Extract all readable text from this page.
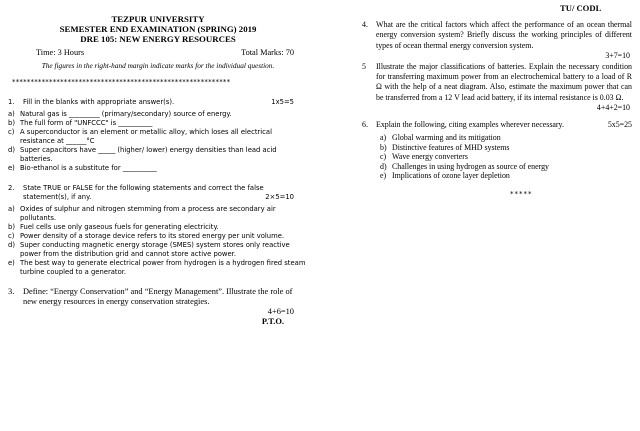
TU/ CODL
TEZPUR UNIVERSITY
SEMESTER END EXAMINATION (SPRING) 2019
DRE 105: NEW ENERGY RESOURCES
Time: 3 Hours	Total Marks: 70
The figures in the right-hand margin indicate marks for the individual question.
***********************************************************
1. Fill in the blanks with appropriate answer(s).	1x5=5
a) Natural gas is _________ (primary/secondary) source of energy.
b) The full form of "UNFCCC" is __________
c) A superconductor is an element or metallic alloy, which loses all electrical resistance at ______°C
d) Super capacitors have _____ (higher/ lower) energy densities than lead acid batteries.
e) Bio-ethanol is a substitute for __________
2. State TRUE or FALSE for the following statements and correct the false statement(s), if any.	2×5=10
a) Oxides of sulphur and nitrogen stemming from a process are secondary air pollutants.
b) Fuel cells use only gaseous fuels for generating electricity.
c) Power density of a storage device refers to its stored energy per unit volume.
d) Super conducting magnetic energy storage (SMES) system stores only reactive power from the distribution grid and cannot store active power.
e) The best way to generate electrical power from hydrogen is a hydrogen fired steam turbine coupled to a generator.
3. Define: “Energy Conservation” and “Energy Management”. Illustrate the role of new energy resources in energy conservation strategies.
4+6=10
P.T.O.
4.	What are the critical factors which affect the performance of an ocean thermal energy conversion system? Briefly discuss the working principles of different types of ocean thermal energy conversion system.
3+7=10
5	Illustrate the major classifications of batteries. Explain the necessary condition for transferring maximum power from an electrochemical battery to a load of R Ω with the help of a neat diagram. Also, estimate the maximum power that can be transferred from a 12 V lead acid battery, if its internal resistance is 0.03 Ω.
4+4+2=10
6.	Explain the following, citing examples wherever necessary.	5x5=25
a) Global warming and its mitigation
b) Distinctive features of MHD systems
c) Wave energy converters
d) Challenges in using hydrogen as source of energy
e) Implications of ozone layer depletion
*****
